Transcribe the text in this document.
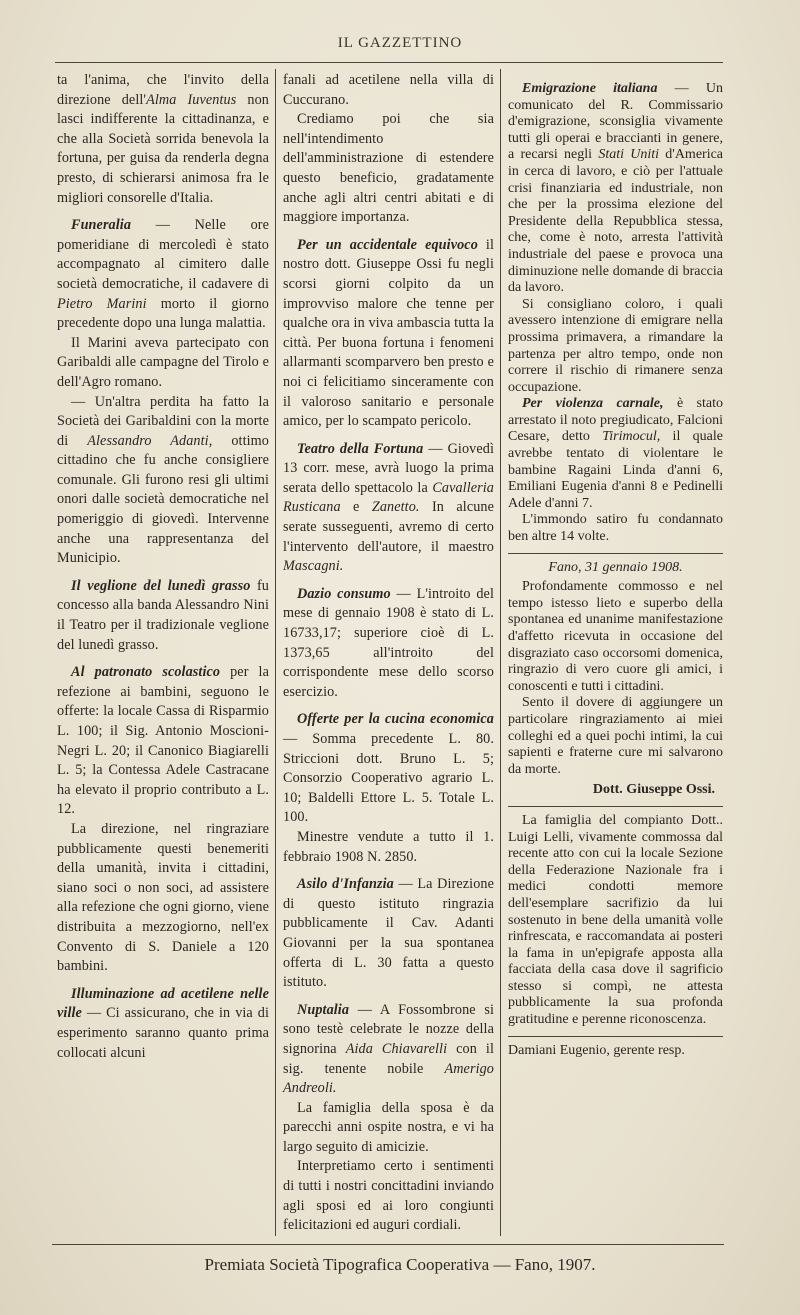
IL GAZZETTINO

ta l'anima, che l'invito della direzione dell'Alma Iuventus non lasci indifferente la cittadinanza, e che alla Società sorrida benevola la fortuna, per guisa da renderla degna presto, di schierarsi animosa fra le migliori consorelle d'Italia.

Funeralia — Nelle ore pomeridiane di mercoledì è stato accompagnato al cimitero dalle società democratiche, il cadavere di Pietro Marini morto il giorno precedente dopo una lunga malattia.

Il Marini aveva partecipato con Garibaldi alle campagne del Tirolo e dell'Agro romano.

— Un'altra perdita ha fatto la Società dei Garibaldini con la morte di Alessandro Adanti, ottimo cittadino che fu anche consigliere comunale. Gli furono resi gli ultimi onori dalle società democratiche nel pomeriggio di giovedì. Intervenne anche una rappresentanza del Municipio.

Il veglione del lunedì grasso fu concesso alla banda Alessandro Nini il Teatro per il tradizionale veglione del lunedì grasso.

Al patronato scolastico per la refezione ai bambini, seguono le offerte: la locale Cassa di Risparmio L. 100; il Sig. Antonio Moscioni-Negri L. 20; il Canonico Biagiarelli L. 5; la Contessa Adele Castracane ha elevato il proprio contributo a L. 12.

La direzione, nel ringraziare pubblicamente questi benemeriti della umanità, invita i cittadini, siano soci o non soci, ad assistere alla refezione che ogni giorno, viene distribuita a mezzogiorno, nell'ex Convento di S. Daniele a 120 bambini.

Illuminazione ad acetilene nelle ville — Ci assicurano, che in via di esperimento saranno quanto prima collocati alcuni

fanali ad acetilene nella villa di Cuccurano.

Crediamo poi che sia nell'intendimento dell'amministrazione di estendere questo beneficio, gradatamente anche agli altri centri abitati e di maggiore importanza.

Per un accidentale equivoco il nostro dott. Giuseppe Ossi fu negli scorsi giorni colpito da un improvviso malore che tenne per qualche ora in viva ambascia tutta la città. Per buona fortuna i fenomeni allarmanti scomparvero ben presto e noi ci felicitiamo sinceramente con il valoroso sanitario e personale amico, per lo scampato pericolo.

Teatro della Fortuna — Giovedì 13 corr. mese, avrà luogo la prima serata dello spettacolo la Cavalleria Rusticana e Zanetto. In alcune serate susseguenti, avremo di certo l'intervento dell'autore, il maestro Mascagni.

Dazio consumo — L'introito del mese di gennaio 1908 è stato di L. 16733,17; superiore cioè di L. 1373,65 all'introito del corrispondente mese dello scorso esercizio.

Offerte per la cucina economica — Somma precedente L. 80. Striccioni dott. Bruno L. 5; Consorzio Cooperativo agrario L. 10; Baldelli Ettore L. 5. Totale L. 100.

Minestre vendute a tutto il 1. febbraio 1908 N. 2850.

Asilo d'Infanzia — La Direzione di questo istituto ringrazia pubblicamente il Cav. Adanti Giovanni per la sua spontanea offerta di L. 30 fatta a questo istituto.

Nuptalia — A Fossombrone si sono testè celebrate le nozze della signorina Aida Chiavarelli con il sig. tenente nobile Amerigo Andreoli.

La famiglia della sposa è da parecchi anni ospite nostra, e vi ha largo seguito di amicizie.

Interpretiamo certo i sentimenti di tutti i nostri concittadini inviando agli sposi ed ai loro congiunti felicitazioni ed auguri cordiali.

Emigrazione italiana — Un comunicato del R. Commissario d'emigrazione, sconsiglia vivamente tutti gli operai e braccianti in genere, a recarsi negli Stati Uniti d'America in cerca di lavoro, e ciò per l'attuale crisi finanziaria ed industriale, non che per la prossima elezione del Presidente della Repubblica stessa, che, come è noto, arresta l'attività industriale del paese e provoca una diminuzione nelle domande di braccia da lavoro.

Si consigliano coloro, i quali avessero intenzione di emigrare nella prossima primavera, a rimandare la partenza per altro tempo, onde non correre il rischio di rimanere senza occupazione.

Per violenza carnale, è stato arrestato il noto pregiudicato, Falcioni Cesare, detto Tirimocul, il quale avrebbe tentato di violentare le bambine Ragaini Linda d'anni 6, Emiliani Eugenia d'anni 8 e Pedinelli Adele d'anni 7.

L'immondo satiro fu condannato ben altre 14 volte.

Fano, 31 gennaio 1908.

Profondamente commosso e nel tempo istesso lieto e superbo della spontanea ed unanime manifestazione d'affetto ricevuta in occasione del disgraziato caso occorsomi domenica, ringrazio di vero cuore gli amici, i conoscenti e tutti i cittadini.

Sento il dovere di aggiungere un particolare ringraziamento ai miei colleghi ed a quei pochi intimi, la cui sapienti e fraterne cure mi salvarono da morte.

Dott. Giuseppe Ossi.

La famiglia del compianto Dott.. Luigi Lelli, vivamente commossa dal recente atto con cui la locale Sezione della Federazione Nazionale fra i medici condotti memore dell'esemplare sacrifizio da lui sostenuto in bene della umanità volle rinfrescata, e raccomandata ai posteri la fama in un'epigrafe apposta alla facciata della casa dove il sagrificio stesso si compì, ne attesta pubblicamente la sua profonda gratitudine e perenne riconoscenza.

Damiani Eugenio, gerente resp.
Premiata Società Tipografica Cooperativa — Fano, 1907.
